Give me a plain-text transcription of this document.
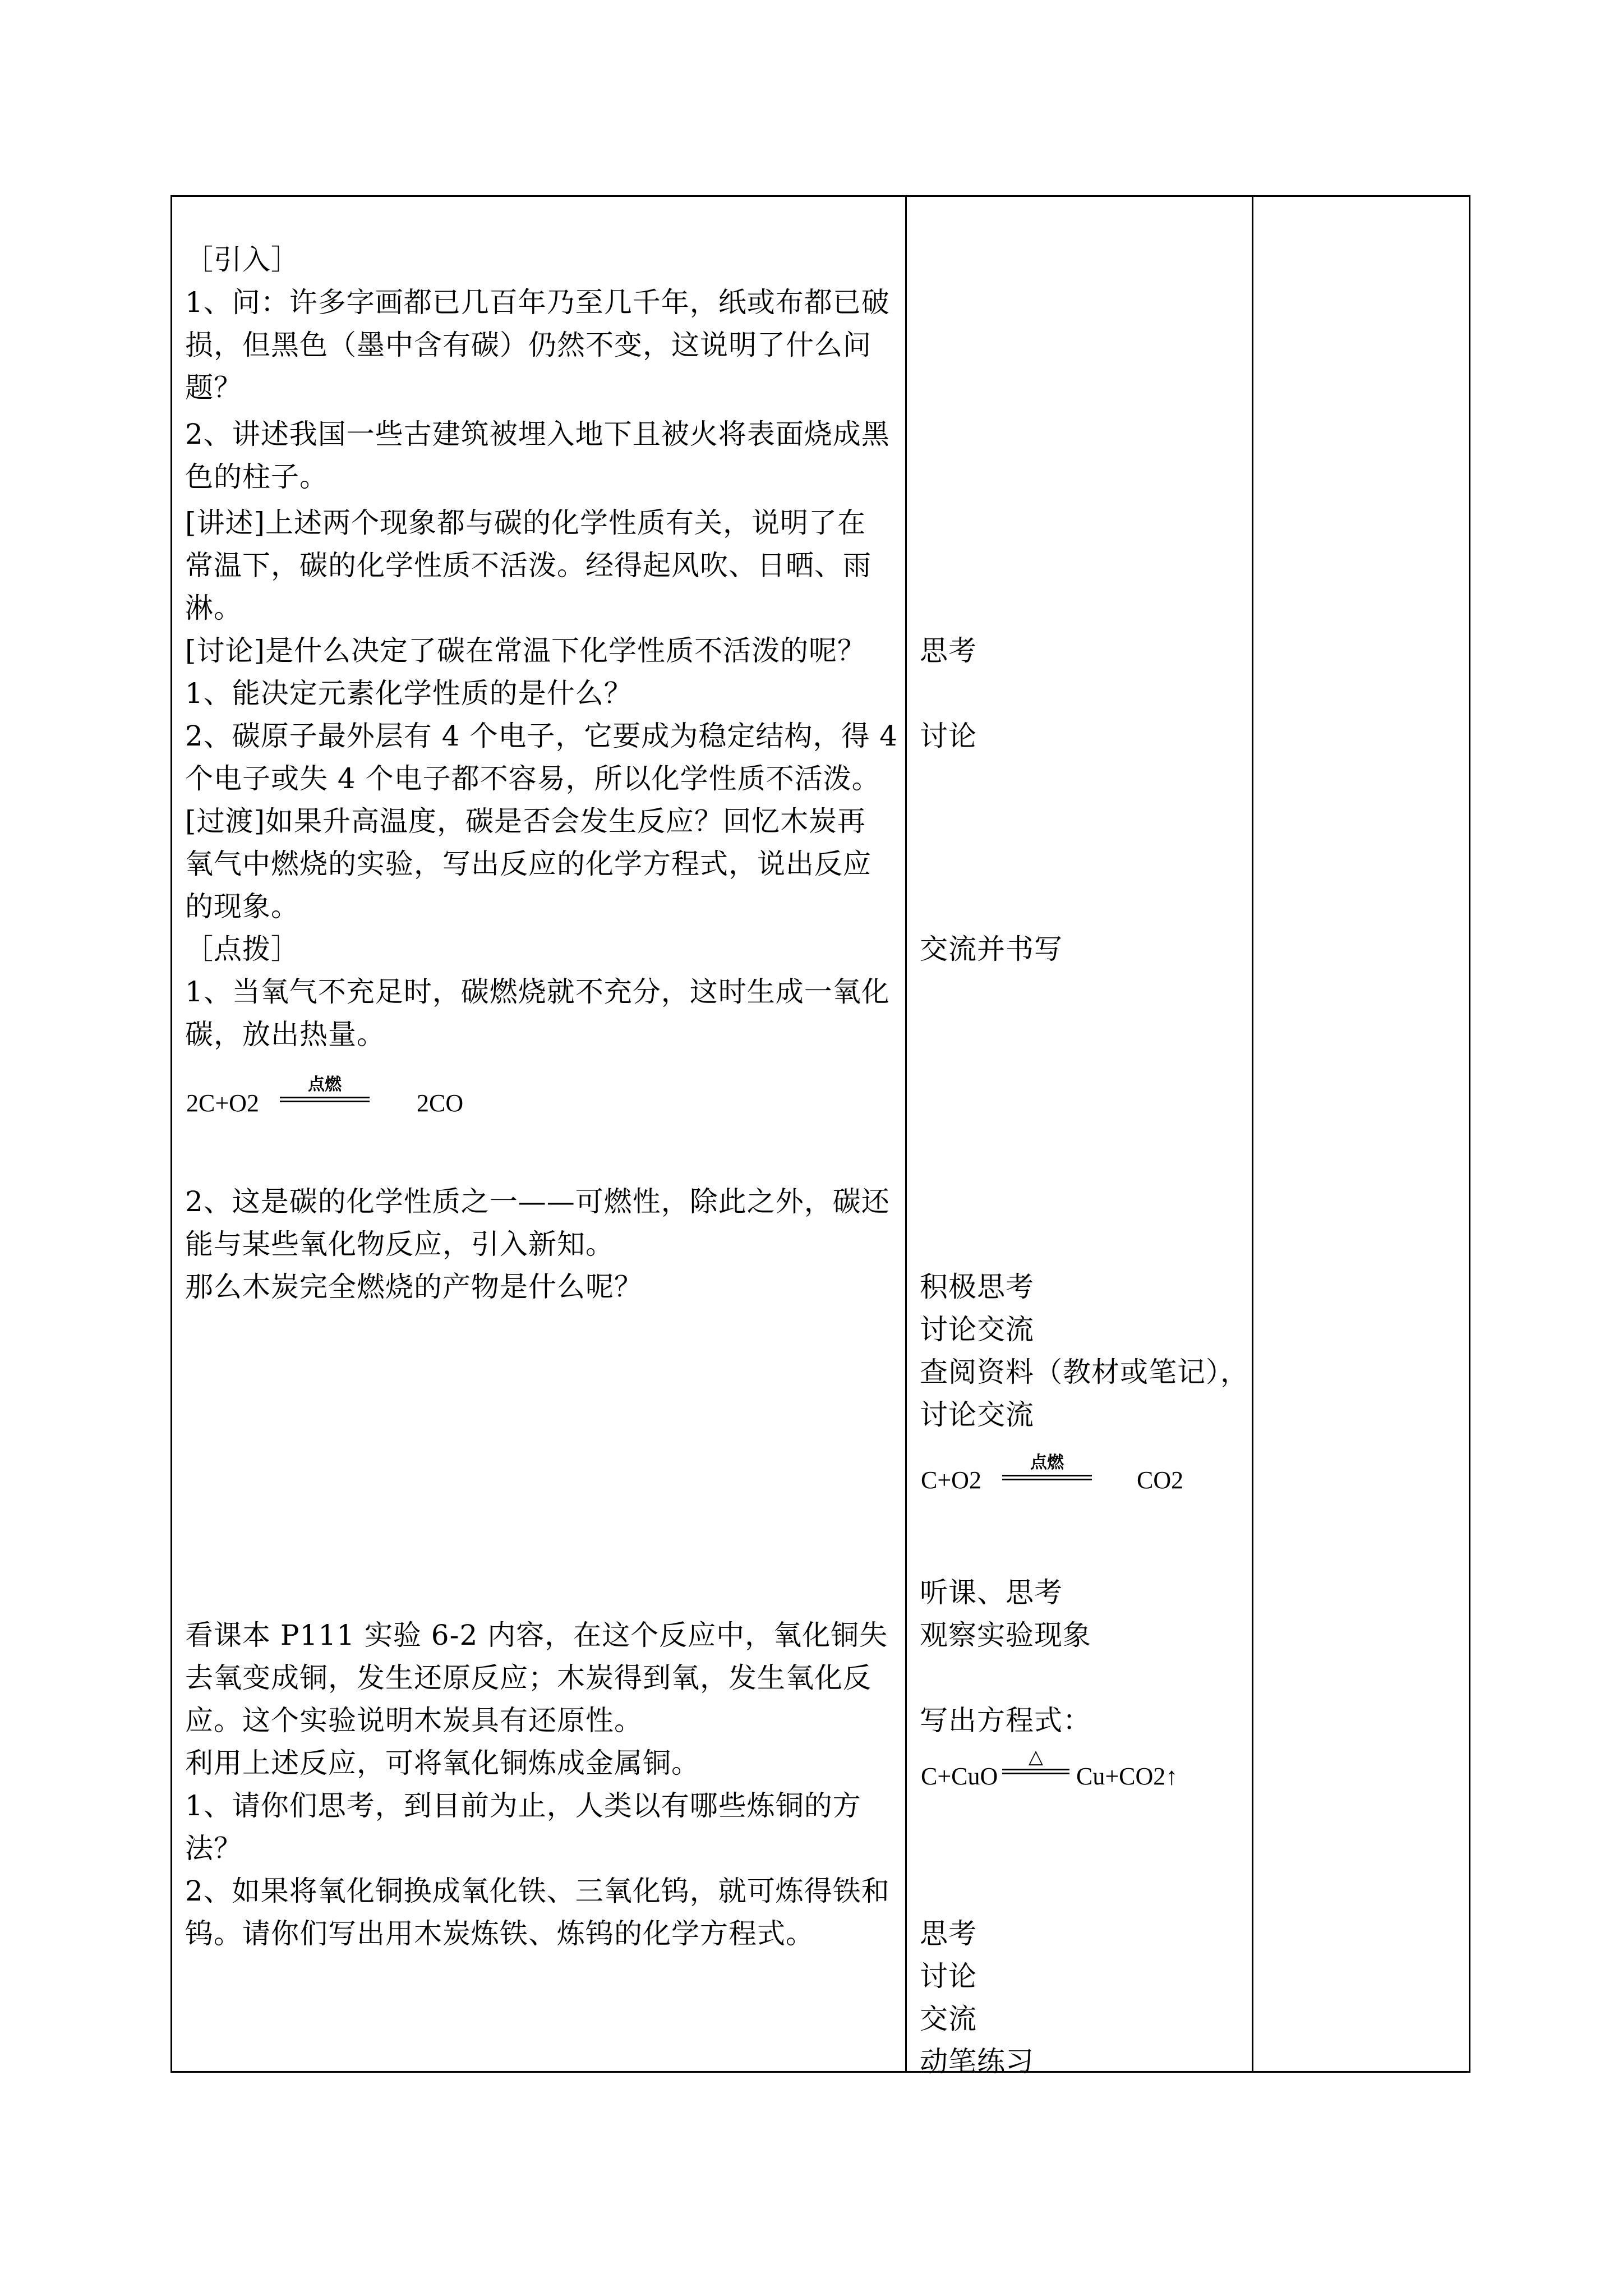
［引入］
1、问：许多字画都已几百年乃至几千年，纸或布都已破
损，但黑色（墨中含有碳）仍然不变，这说明了什么问
题？
2、讲述我国一些古建筑被埋入地下且被火将表面烧成黑
色的柱子。
[讲述]上述两个现象都与碳的化学性质有关，说明了在
常温下，碳的化学性质不活泼。经得起风吹、日晒、雨
淋。
[讨论]是什么决定了碳在常温下化学性质不活泼的呢？
1、能决定元素化学性质的是什么？
2、碳原子最外层有 4 个电子，它要成为稳定结构，得 4
个电子或失 4 个电子都不容易，所以化学性质不活泼。
[过渡]如果升高温度，碳是否会发生反应？回忆木炭再
氧气中燃烧的实验，写出反应的化学方程式，说出反应
的现象。
［点拨］
1、当氧气不充足时，碳燃烧就不充分，这时生成一氧化
碳，放出热量。
2C+O2
点燃
2CO
2、这是碳的化学性质之一——可燃性，除此之外，碳还
能与某些氧化物反应，引入新知。
那么木炭完全燃烧的产物是什么呢？
看课本 P111 实验 6-2 内容，在这个反应中，氧化铜失
去氧变成铜，发生还原反应；木炭得到氧，发生氧化反
应。这个实验说明木炭具有还原性。
利用上述反应，可将氧化铜炼成金属铜。
1、请你们思考，到目前为止，人类以有哪些炼铜的方
法？
2、如果将氧化铜换成氧化铁、三氧化钨，就可炼得铁和
钨。请你们写出用木炭炼铁、炼钨的化学方程式。
思考
讨论
交流并书写
积极思考
讨论交流
查阅资料（教材或笔记），
讨论交流
C+O2
点燃
CO2
听课、思考
观察实验现象
写出方程式：
C+CuO
△
Cu+CO2↑
思考
讨论
交流
动笔练习
